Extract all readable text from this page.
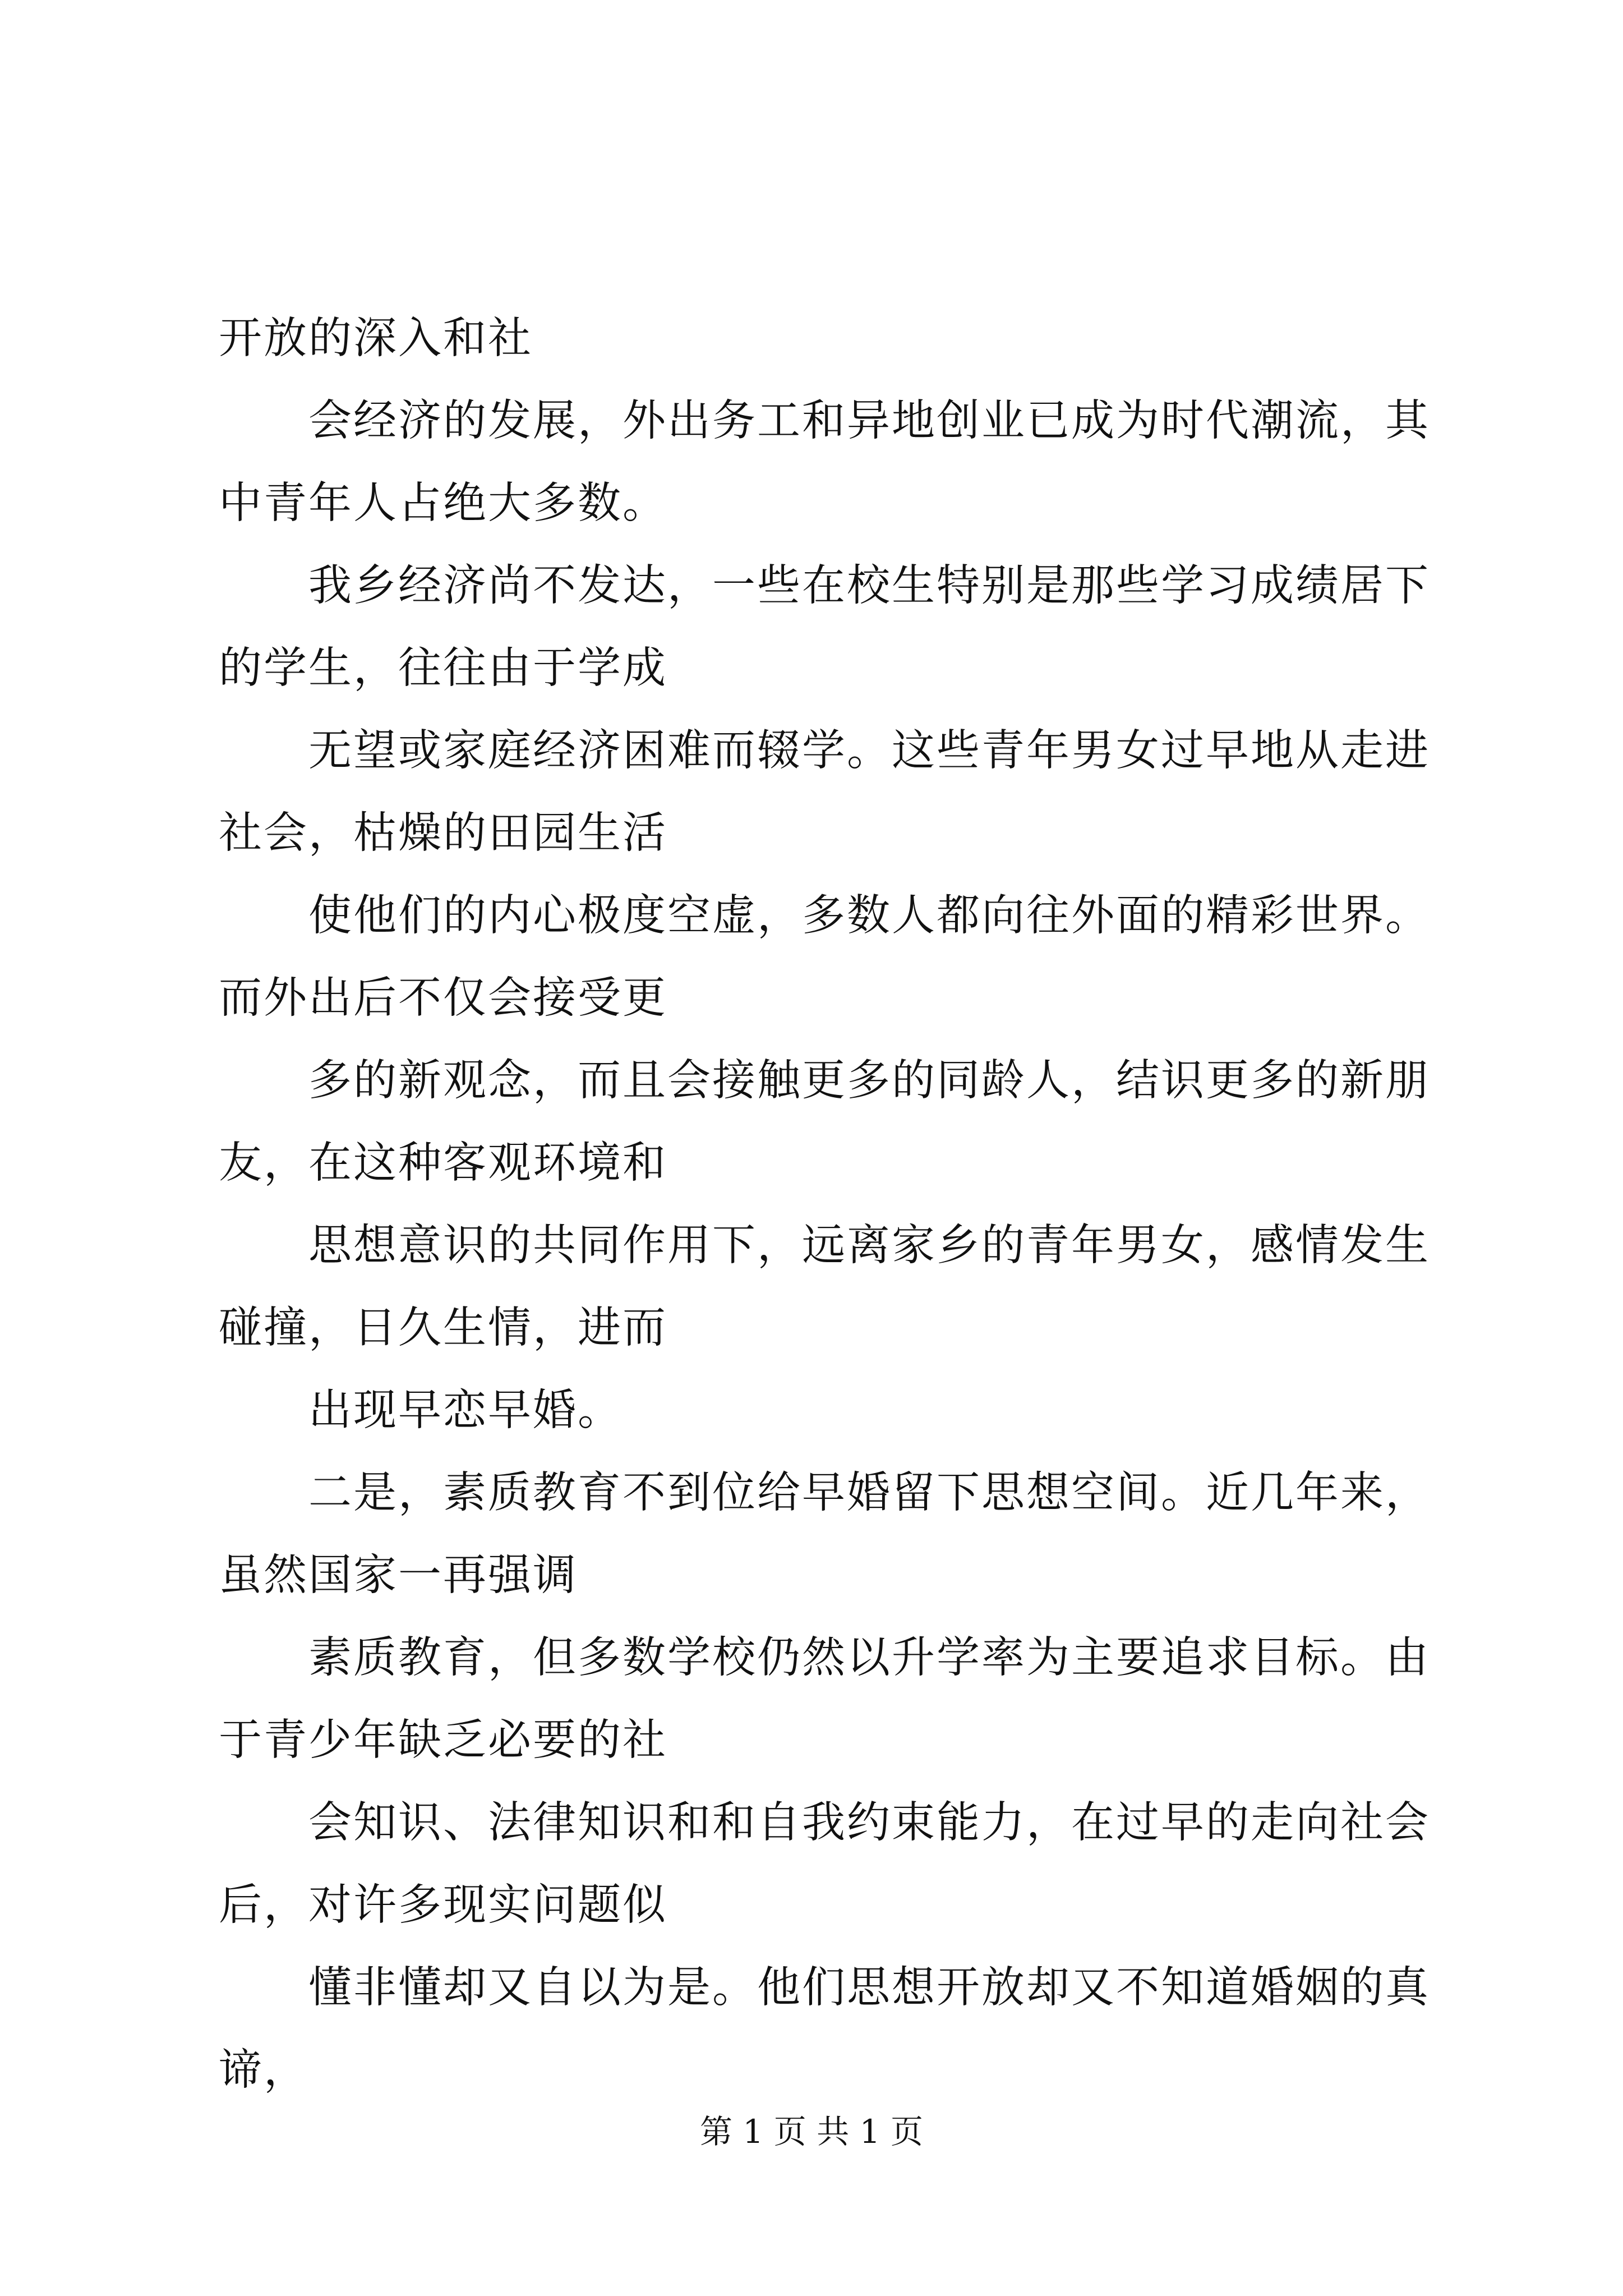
开放的深入和社

会经济的发展，外出务工和异地创业已成为时代潮流，其中青年人占绝大多数。

我乡经济尚不发达，一些在校生特别是那些学习成绩居下的学生，往往由于学成

无望或家庭经济困难而辍学。这些青年男女过早地从走进社会，枯燥的田园生活

使他们的内心极度空虚，多数人都向往外面的精彩世界。而外出后不仅会接受更

多的新观念，而且会接触更多的同龄人，结识更多的新朋友，在这种客观环境和

思想意识的共同作用下，远离家乡的青年男女，感情发生碰撞，日久生情，进而

出现早恋早婚。

二是，素质教育不到位给早婚留下思想空间。近几年来，虽然国家一再强调

素质教育，但多数学校仍然以升学率为主要追求目标。由于青少年缺乏必要的社

会知识、法律知识和和自我约束能力，在过早的走向社会后，对许多现实问题似

懂非懂却又自以为是。他们思想开放却又不知道婚姻的真谛，

第 1 页 共 1 页
